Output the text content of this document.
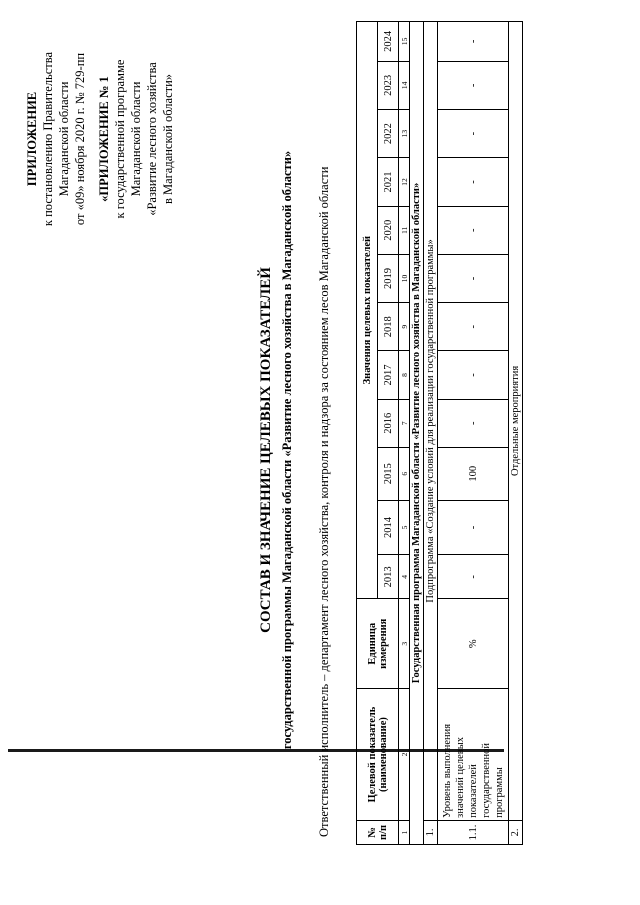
ПРИЛОЖЕНИЕ к постановлению Правительства Магаданской области от «09» ноября 2020 г. № 729-пп «ПРИЛОЖЕНИЕ № 1 к государственной программе Магаданской области «Развитие лесного хозяйства в Магаданской области»
СОСТАВ И ЗНАЧЕНИЕ ЦЕЛЕВЫХ ПОКАЗАТЕЛЕЙ государственной программы Магаданской области «Развитие лесного хозяйства в Магаданской области» Ответственный исполнитель – департамент лесного хозяйства, контроля и надзора за состоянием лесов Магаданской области	№ п/п	Целевой показатель (наименование)	Единица измерения	Значения целевых показателей											
			2013	2014	2015	2016	2017	2018	2019	2020	2021	2022	2023	2024
1	2	3	4	5	6	7	8	9	10	11	12	13	14	15
Государственная программа Магаданской области «Развитие лесного хозяйства в Магаданской области»														
1.	Подпрограмма «Создание условий для реализации государственной программы»													
1.1.	Уровень выполнения значений целевых показателей государственной программы	%	-	-	100	-	-	-	-	-	-	-	-	-
2.	Отдельные мероприятия													
